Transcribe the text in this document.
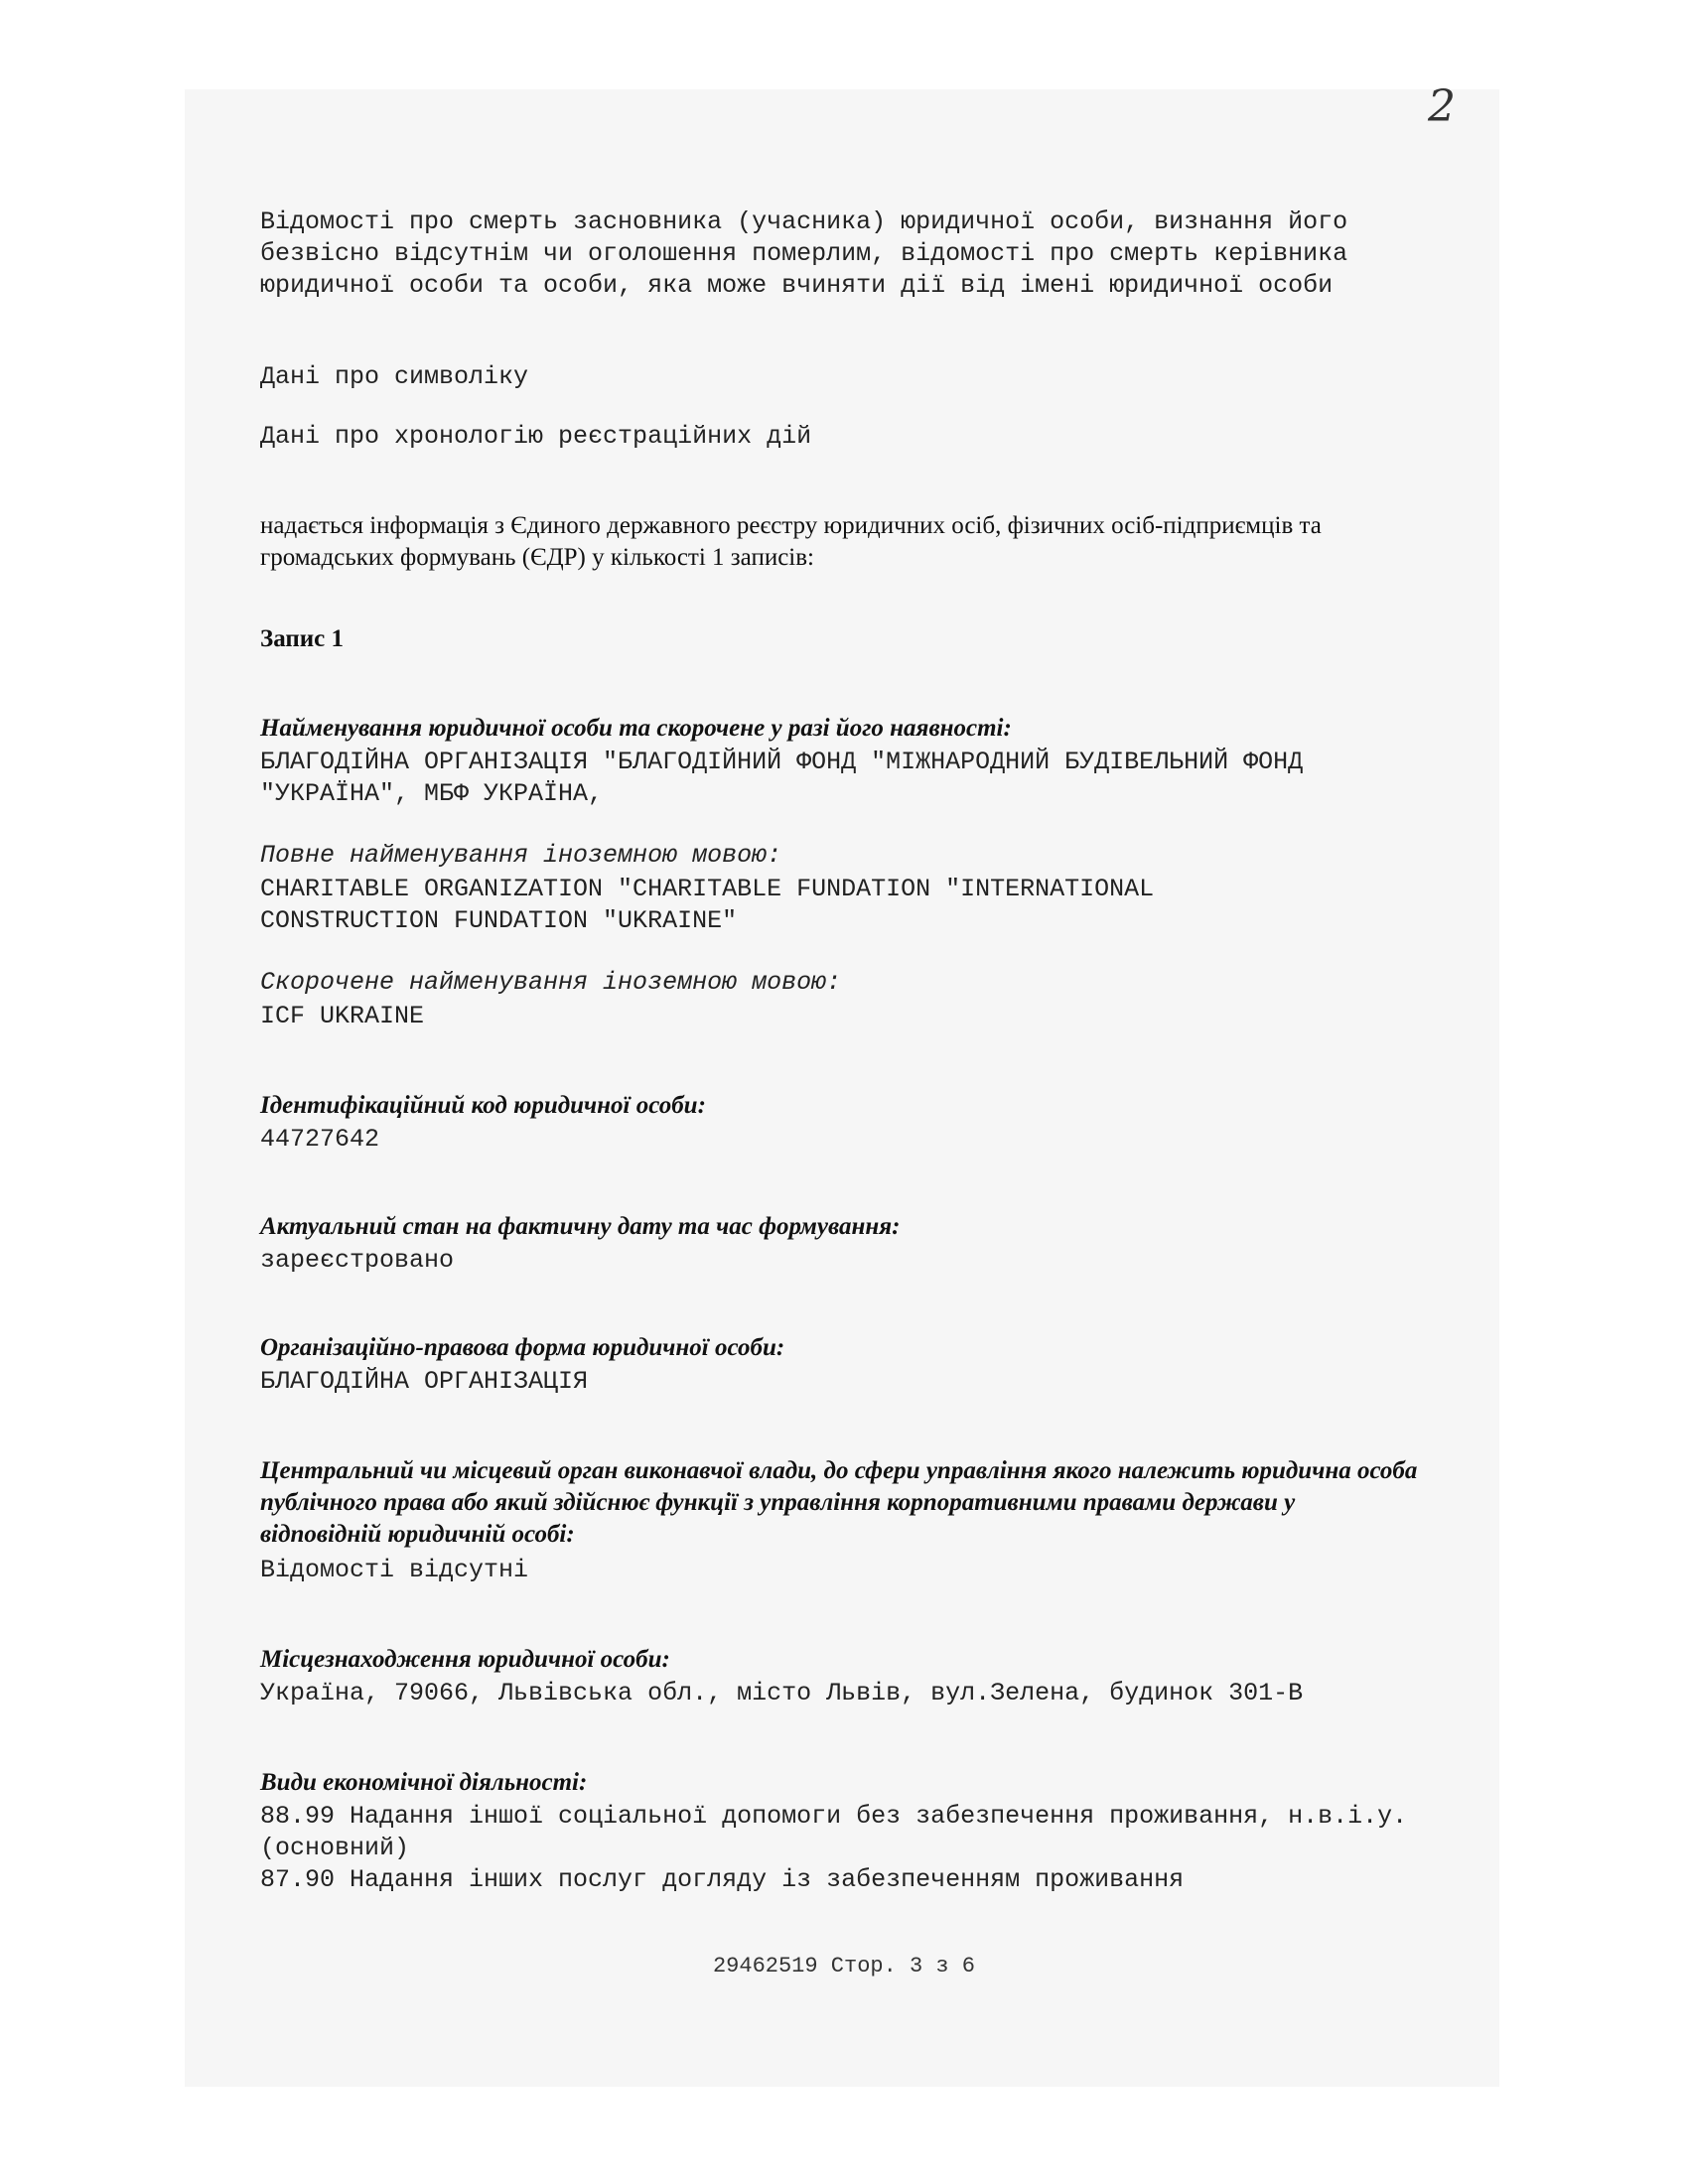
2
Відомості про смерть засновника (учасника) юридичної особи, визнання його безвісно відсутнім чи оголошення померлим, відомості про смерть керівника юридичної особи та особи, яка може вчиняти дії від імені юридичної особи
Дані про символіку
Дані про хронологію реєстраційних дій
надається інформація з Єдиного державного реєстру юридичних осіб, фізичних осіб-підприємців та громадських формувань (ЄДР) у кількості 1 записів:
Запис 1
Найменування юридичної особи та скорочене у разі його наявності:
БЛАГОДІЙНА ОРГАНІЗАЦІЯ "БЛАГОДІЙНИЙ ФОНД "МІЖНАРОДНИЙ БУДІВЕЛЬНИЙ ФОНД "УКРАЇНА", МБФ УКРАЇНА,
Повне найменування іноземною мовою:
CHARITABLE ORGANIZATION "CHARITABLE FUNDATION "INTERNATIONAL CONSTRUCTION FUNDATION "UKRAINE"
Скорочене найменування іноземною мовою:
ICF UKRAINE
Ідентифікаційний код юридичної особи:
44727642
Актуальний стан на фактичну дату та час формування:
зареєстровано
Організаційно-правова форма юридичної особи:
БЛАГОДІЙНА ОРГАНІЗАЦІЯ
Центральний чи місцевий орган виконавчої влади, до сфери управління якого належить юридична особа публічного права або який здійснює функції з управління корпоративними правами держави у відповідній юридичній особі:
Відомості відсутні
Місцезнаходження юридичної особи:
Україна, 79066, Львівська обл., місто Львів, вул.Зелена, будинок 301-В
Види економічної діяльності:
88.99 Надання іншої соціальної допомоги без забезпечення проживання, н.в.і.у. (основний)
87.90 Надання інших послуг догляду із забезпеченням проживання
29462519 Стор. 3 з 6
